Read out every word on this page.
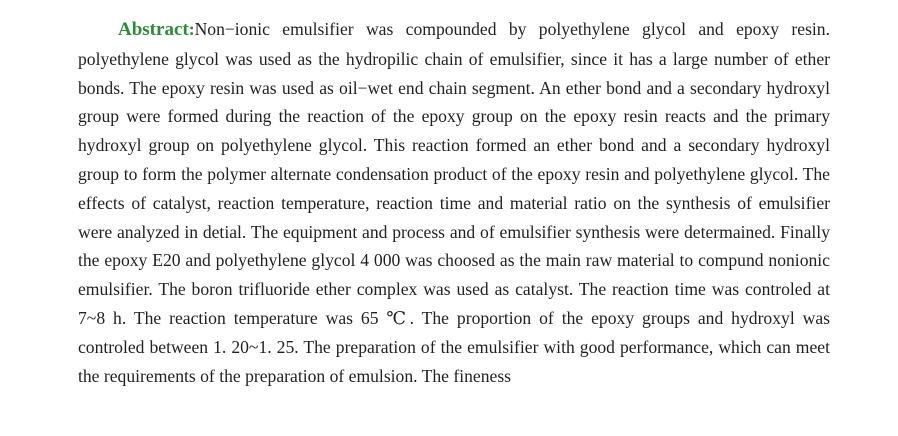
Abstract:Non−ionic emulsifier was compounded by polyethylene glycol and epoxy resin. polyethylene glycol was used as the hydropilic chain of emulsifier, since it has a large number of ether bonds. The epoxy resin was used as oil−wet end chain segment. An ether bond and a secondary hydroxyl group were formed during the reaction of the epoxy group on the epoxy resin reacts and the primary hydroxyl group on polyethylene glycol. This reaction formed an ether bond and a secondary hydroxyl group to form the polymer alternate condensation product of the epoxy resin and polyethylene glycol. The effects of catalyst, reaction temperature, reaction time and material ratio on the synthesis of emulsifier were analyzed in detial. The equipment and process and of emulsifier synthesis were determained. Finally the epoxy E20 and polyethylene glycol 4 000 was choosed as the main raw material to compund nonionic emulsifier. The boron trifluoride ether complex was used as catalyst. The reaction time was controled at 7~8 h. The reaction temperature was 65 ℃. The proportion of the epoxy groups and hydroxyl was controled between 1. 20~1. 25. The preparation of the emulsifier with good performance, which can meet the requirements of the preparation of emulsion. The fineness
